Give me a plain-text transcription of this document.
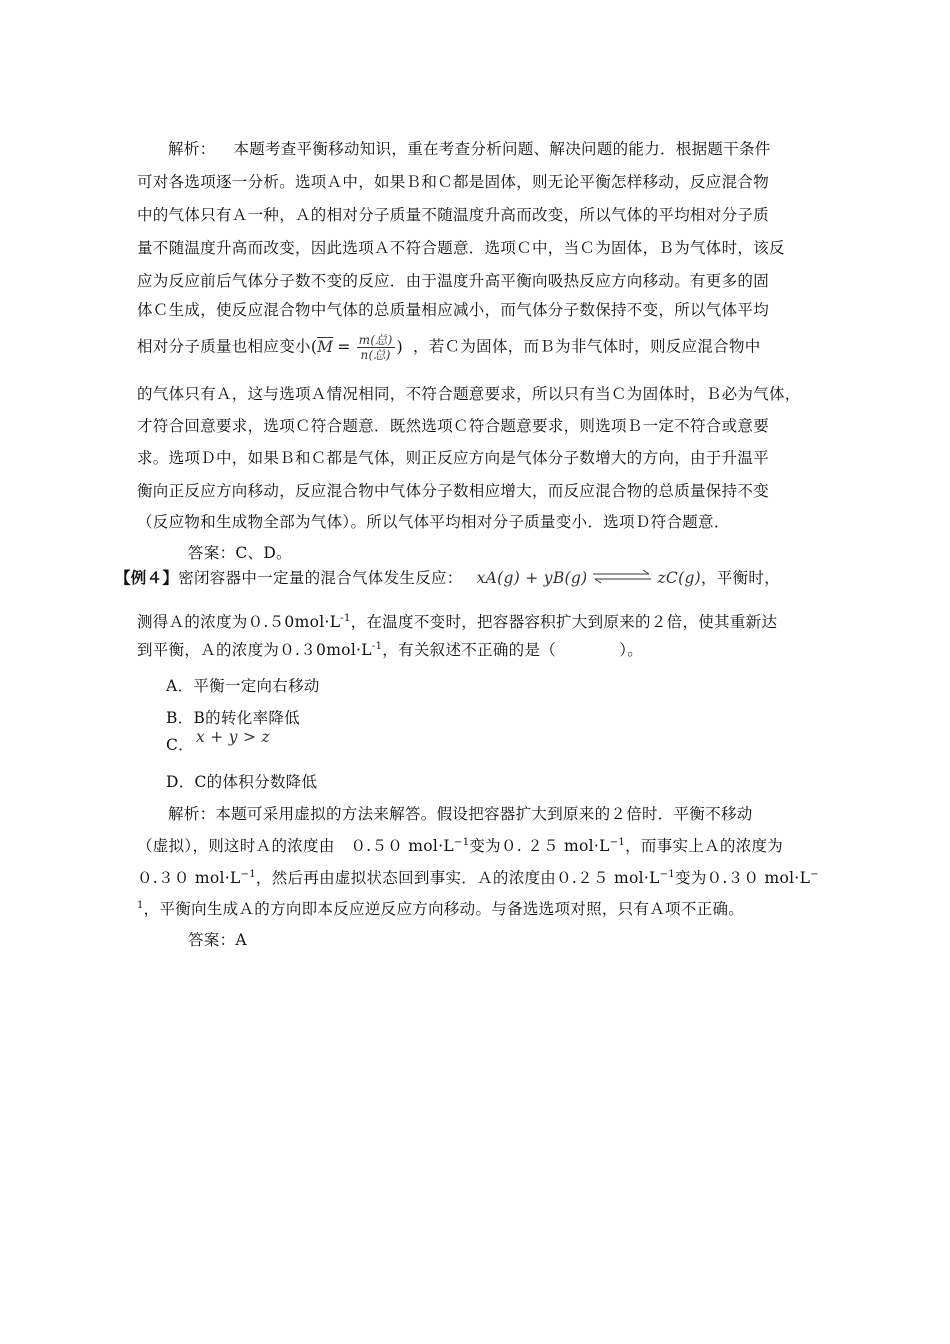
解析： 本题考查平衡移动知识，重在考查分析问题、解决问题的能力．根据题干条件
可对各选项逐一分析。选项Ａ中，如果Ｂ和Ｃ都是固体，则无论平衡怎样移动，反应混合物
中的气体只有Ａ一种，Ａ的相对分子质量不随温度升高而改变，所以气体的平均相对分子质
量不随温度升高而改变，因此选项Ａ不符合题意．选项Ｃ中，当Ｃ为固体，Ｂ为气体时，该反
应为反应前后气体分子数不变的反应．由于温度升高平衡向吸热反应方向移动。有更多的固
体Ｃ生成，使反应混合物中气体的总质量相应减小，而气体分子数保持不变，所以气体平均
相对分子质量也相应变小($\overline{M} = \frac{\text{m(总)}}{\text{n(总)}}$ ) ，若Ｃ为固体，而Ｂ为非气体时，则反应混合物中
的气体只有Ａ，这与选项Ａ情况相同，不符合题意要求，所以只有当Ｃ为固体时，Ｂ必为气体，
才符合回意要求，选项Ｃ符合题意．既然选项Ｃ符合题意要求，则选项Ｂ一定不符合或意要
求。选项Ｄ中，如果Ｂ和Ｃ都是气体，则正反应方向是气体分子数增大的方向，由于升温平
衡向正反应方向移动，反应混合物中气体分子数相应增大，而反应混合物的总质量保持不变
（反应物和生成物全部为气体）。所以气体平均相对分子质量变小．选项Ｄ符合题意．
答案：C、D。
【例４】密闭容器中一定量的混合气体发生反应： xA(g) + yB(g) ⇌ zC(g)，平衡时，
测得Ａ的浓度为$0.50mol\cdot L^{-1}$，在温度不变时，把容器容积扩大到原来的２倍，使其重新达
到平衡，Ａ的浓度为$0.30mol\cdot L^{-1}$，有关叙述不正确的是（　　　　）。
A．平衡一定向右移动
B．B的转化率降低
C． x + y > z
D．C的体积分数降低
解析：本题可采用虚拟的方法来解答。假设把容器扩大到原来的２倍时．平衡不移动
（虚拟），则这时Ａ的浓度由　０.５０ $mol\cdot L^{-1}$变为０. ２５ $mol\cdot L^{-1}$，而事实上Ａ的浓度为
０.３０ $mol\cdot L^{-1}$，然后再由虚拟状态回到事实．Ａ的浓度由０.２５ $mol\cdot L^{-1}$变为０.３０ mol·L−
$^1$，平衡向生成Ａ的方向即本反应逆反应方向移动。与备选选项对照，只有Ａ项不正确。
答案：A
